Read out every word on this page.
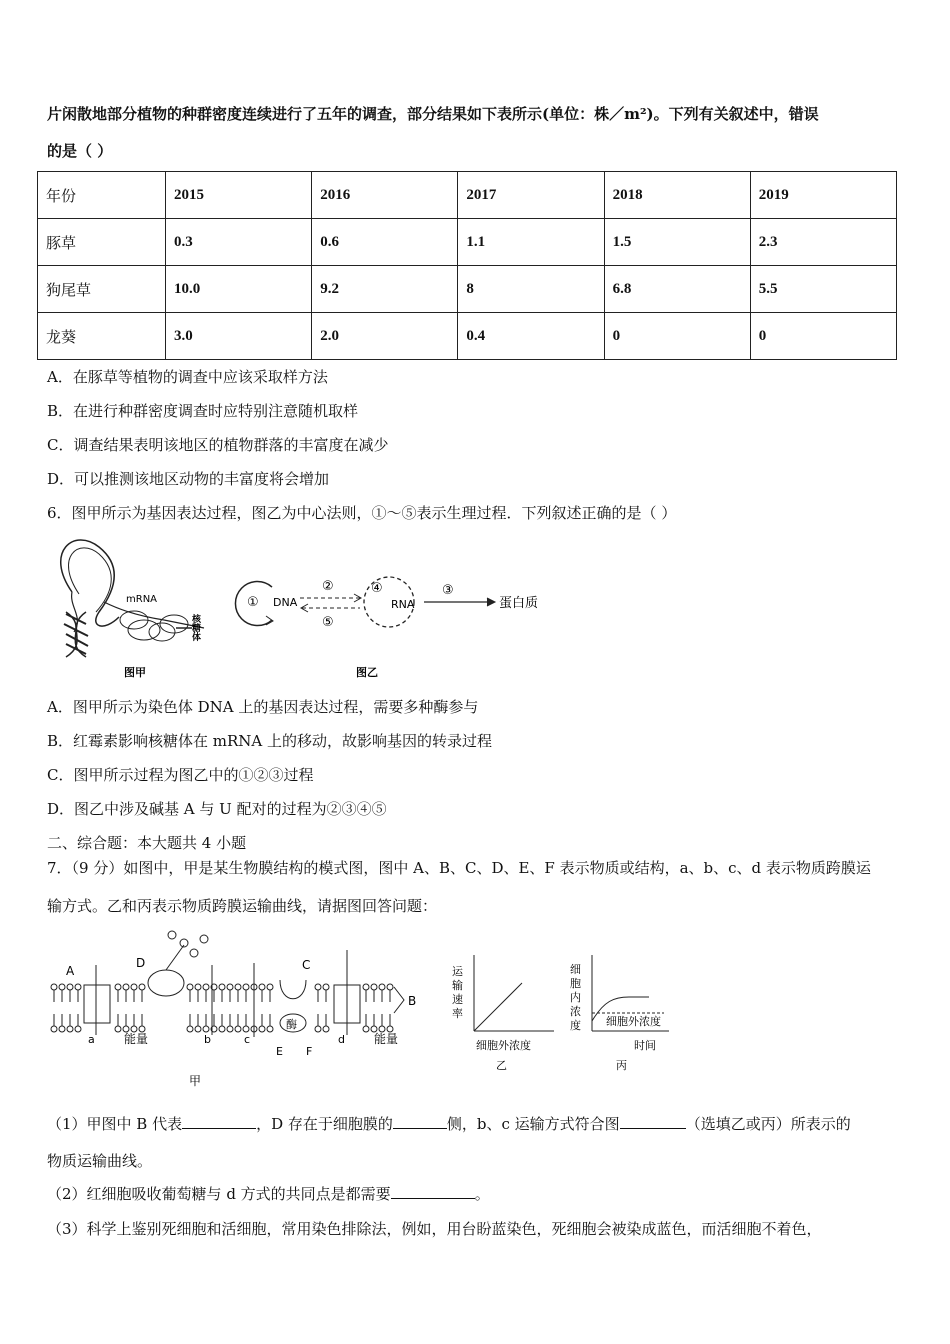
片闲散地部分植物的种群密度连续进行了五年的调查，部分结果如下表所示(单位：株／m²)。下列有关叙述中，错误
的是（ ）
年份	2015	2016	2017	2018	2019
豚草	0.3	0.6	1.1	1.5	2.3
狗尾草	10.0	9.2	8	6.8	5.5
龙葵	3.0	2.0	0.4	0	0
A．在豚草等植物的调查中应该采取样方法
B．在进行种群密度调查时应特别注意随机取样
C．调查结果表明该地区的植物群落的丰富度在减少
D．可以推测该地区动物的丰富度将会增加
6．图甲所示为基因表达过程，图乙为中心法则，①～⑤表示生理过程．下列叙述正确的是（ ）
mRNA
核糖体
图甲
① DNA
②
⑤
④
RNA
③
蛋白质
图乙
A．图甲所示为染色体 DNA 上的基因表达过程，需要多种酶参与
B．红霉素影响核糖体在 mRNA 上的移动，故影响基因的转录过程
C．图甲所示过程为图乙中的①②③过程
D．图乙中涉及碱基 A 与 U 配对的过程为②③④⑤
二、综合题：本大题共 4 小题
7．（9 分）如图中，甲是某生物膜结构的模式图，图中 A、B、C、D、E、F 表示物质或结构，a、b、c、d 表示物质跨膜运
输方式。乙和丙表示物质跨膜运输曲线，请据图回答问题：
A
a 能量
D
b	c
C
酶
E F
d 能量
B
甲
运
输
速
率
细胞外浓度
乙
细
胞
内
浓
度 细胞外浓度
时间
丙
（1）甲图中 B 代表	，D 存在于细胞膜的	侧，b、c 运输方式符合图	（选填乙或丙）所表示的
物质运输曲线。
（2）红细胞吸收葡萄糖与 d 方式的共同点是都需要	。
（3）科学上鉴别死细胞和活细胞，常用染色排除法，例如，用台盼蓝染色，死细胞会被染成蓝色，而活细胞不着色，
